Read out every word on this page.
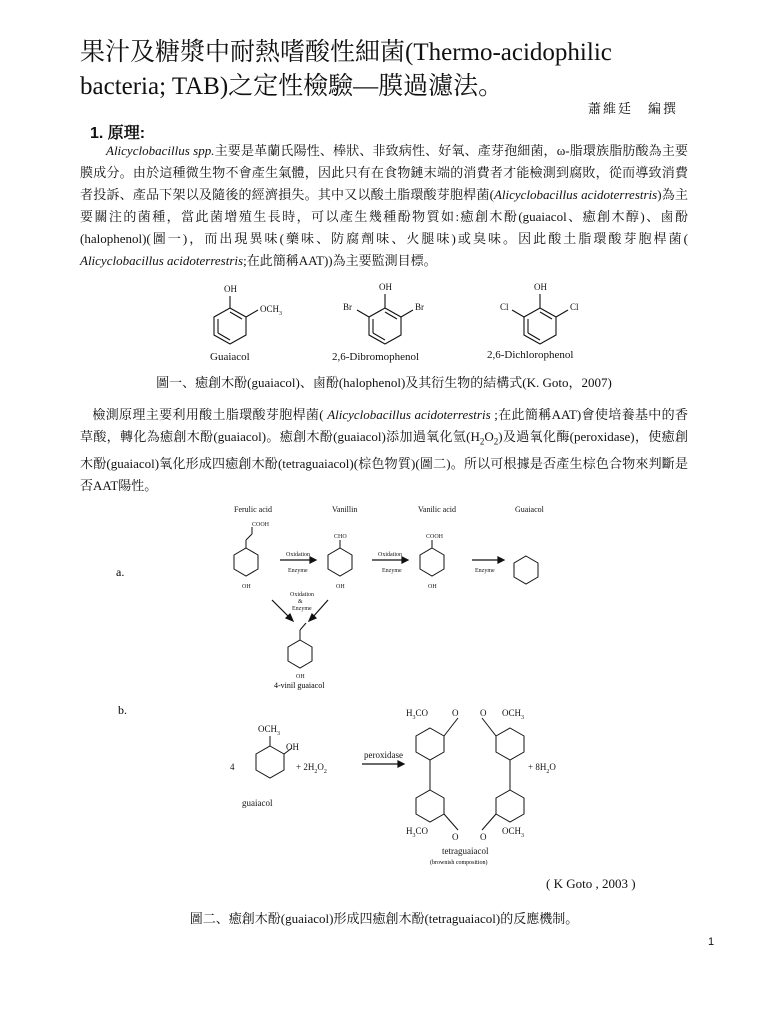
果汁及糖漿中耐熱嗜酸性細菌(Thermo-acidophilic bacteria; TAB)之定性檢驗—膜過濾法。
蕭維廷　編撰
1. 原理:
Alicyclobacillus spp.主要是革蘭氏陽性、棒狀、非致病性、好氧、產芽孢細菌，ω-脂環族脂肪酸為主要膜成分。由於這種微生物不會產生氣體，因此只有在食物鏈末端的消費者才能檢測到腐敗，從而導致消費者投訴、產品下架以及隨後的經濟損失。其中又以酸土脂環酸芽胞桿菌(Alicyclobacillus acidoterrestris)為主要關注的菌種，當此菌增殖生長時，可以產生幾種酚物質如:癒創木酚(guaiacol、癒創木醇)、鹵酚(halophenol)(圖一)，而出現異味(藥味、防腐劑味、火腿味)或臭味。因此酸土脂環酸芽胞桿菌( Alicyclobacillus acidoterrestris;在此簡稱AAT))為主要監測目標。
OH
$OCH_3$
OH
Br	Br
OH
Cl	Cl
Guaiacol	2,6-Dibromophenol	2,6-Dichlorophenol
圖一、癒創木酚(guaiacol)、鹵酚(halophenol)及其衍生物的結構式(K. Goto，2007)
檢測原理主要利用酸土脂環酸芽胞桿菌( Alicyclobacillus acidoterrestris ;在此簡稱AAT)會使培養基中的香草酸，轉化為癒創木酚(guaiacol)。癒創木酚(guaiacol)添加過氧化氫$(H_2O_2)$及過氧化酶(peroxidase)，使癒創木酚(guaiacol)氧化形成四癒創木酚(tetraguaiacol)(棕色物質)(圖二)。所以可根據是否產生棕色合物來判斷是否AAT陽性。
Ferulic acid	Vanillin	Vanilic acid	Guaiacol
a.
Oxidation
Enzyme
Oxidation
Enzyme	Enzyme
Oxidation
&
Enzyme
COOH
CHO	COOH
OH	OH	OH
OH
4-vinil guaiacol
b.
4
$OCH_3$
OH
+ $2H_2O_2$
peroxidase
+ $8H_2O$
guaiacol
$H_3CO$	$OCH_3$
$H_3CO$	$OCH_3$
O O
O O
tetraguaiacol
(brownish composition)
( K Goto , 2003 )
圖二、癒創木酚(guaiacol)形成四癒創木酚(tetraguaiacol)的反應機制。
1
